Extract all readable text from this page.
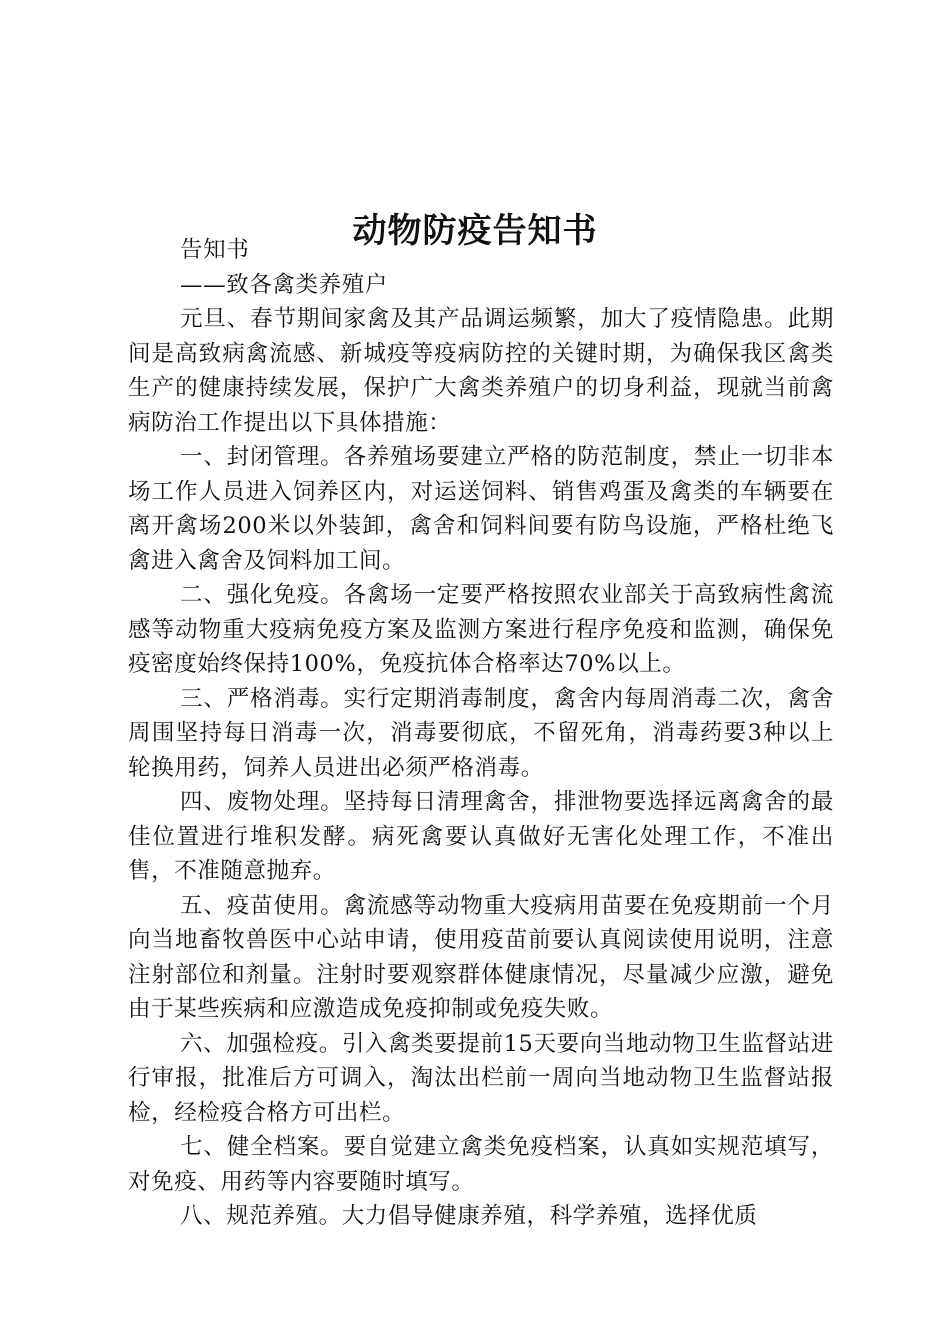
动物防疫告知书

告知书

——致各禽类养殖户

元旦、春节期间家禽及其产品调运频繁，加大了疫情隐患。此期间是高致病禽流感、新城疫等疫病防控的关键时期，为确保我区禽类生产的健康持续发展，保护广大禽类养殖户的切身利益，现就当前禽病防治工作提出以下具体措施：

一、封闭管理。各养殖场要建立严格的防范制度，禁止一切非本场工作人员进入饲养区内，对运送饲料、销售鸡蛋及禽类的车辆要在离开禽场200米以外装卸，禽舍和饲料间要有防鸟设施，严格杜绝飞禽进入禽舍及饲料加工间。

二、强化免疫。各禽场一定要严格按照农业部关于高致病性禽流感等动物重大疫病免疫方案及监测方案进行程序免疫和监测，确保免疫密度始终保持100%，免疫抗体合格率达70%以上。

三、严格消毒。实行定期消毒制度，禽舍内每周消毒二次，禽舍周围坚持每日消毒一次，消毒要彻底，不留死角，消毒药要3种以上轮换用药，饲养人员进出必须严格消毒。

四、废物处理。坚持每日清理禽舍，排泄物要选择远离禽舍的最佳位置进行堆积发酵。病死禽要认真做好无害化处理工作，不准出售，不准随意抛弃。

五、疫苗使用。禽流感等动物重大疫病用苗要在免疫期前一个月向当地畜牧兽医中心站申请，使用疫苗前要认真阅读使用说明，注意注射部位和剂量。注射时要观察群体健康情况，尽量减少应激，避免由于某些疾病和应激造成免疫抑制或免疫失败。

六、加强检疫。引入禽类要提前15天要向当地动物卫生监督站进行审报，批准后方可调入，淘汰出栏前一周向当地动物卫生监督站报检，经检疫合格方可出栏。

七、健全档案。要自觉建立禽类免疫档案，认真如实规范填写，对免疫、用药等内容要随时填写。

八、规范养殖。大力倡导健康养殖，科学养殖，选择优质
